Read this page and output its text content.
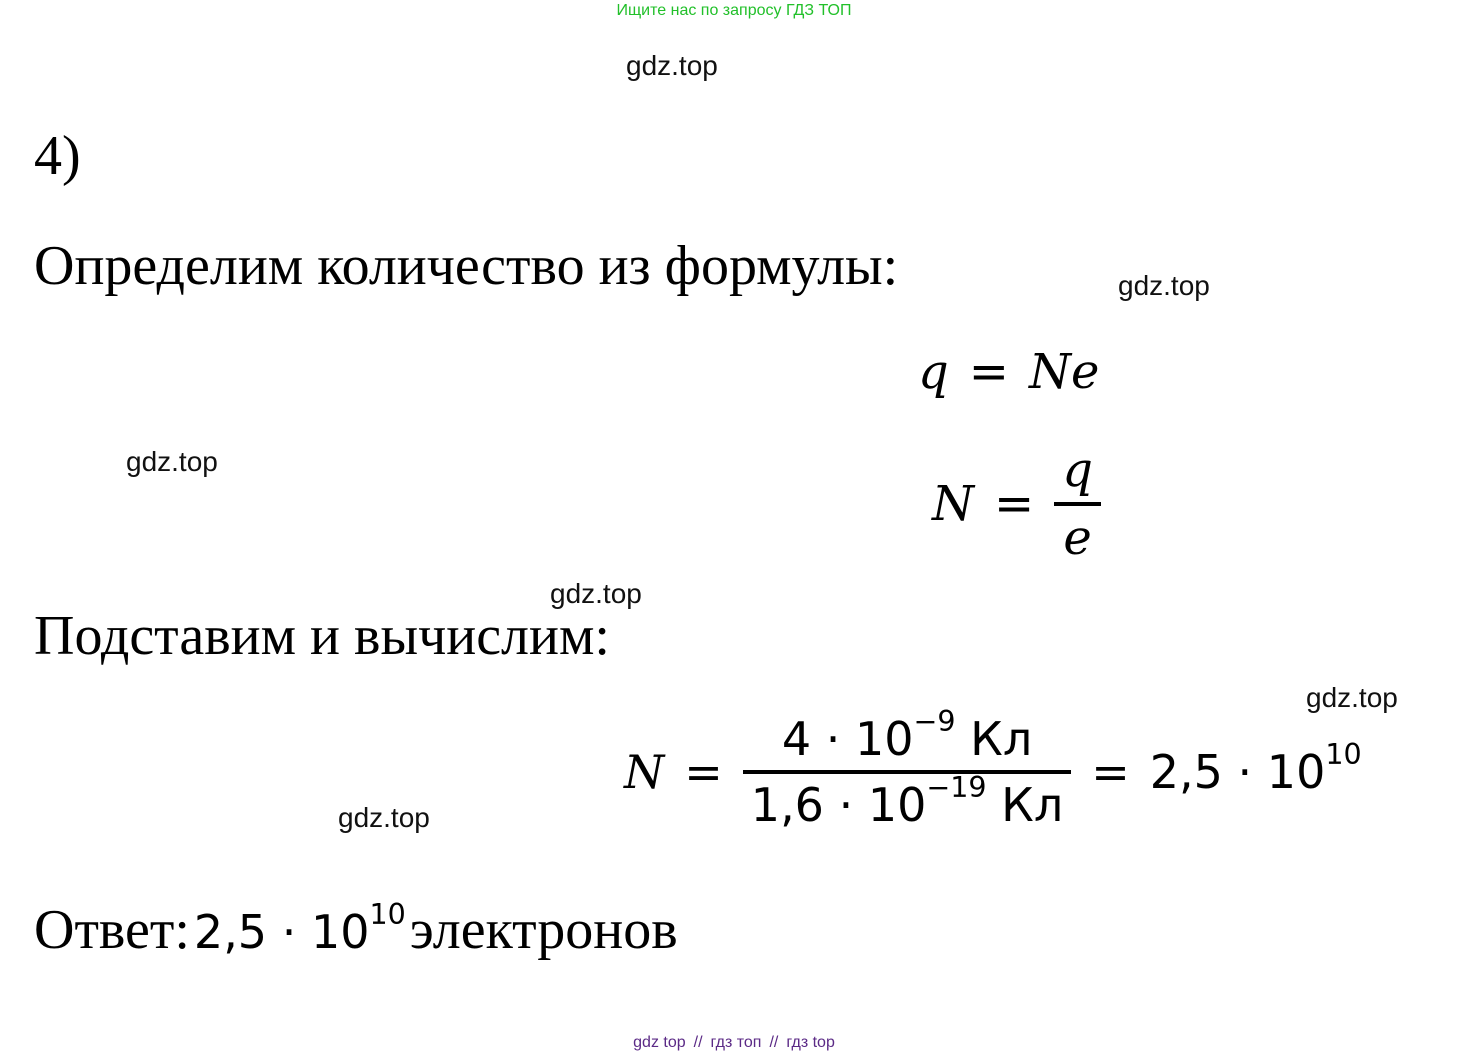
Ищите нас по запросу ГДЗ ТОП
gdz.top
gdz.top
gdz.top
gdz.top
gdz.top
gdz.top
4)
Определим количество из формулы:
q = Ne
$N = \frac{q}{e}$
Подставим и вычислим:
$N = \frac{4 \cdot 10^{-9} Кл}{1,6 \cdot 10^{-19} Кл} = 2,5 \cdot 10^{10}$
Ответ: $2,5 \cdot 10^{10}$ электронов
gdz top // гдз топ // гдз top
